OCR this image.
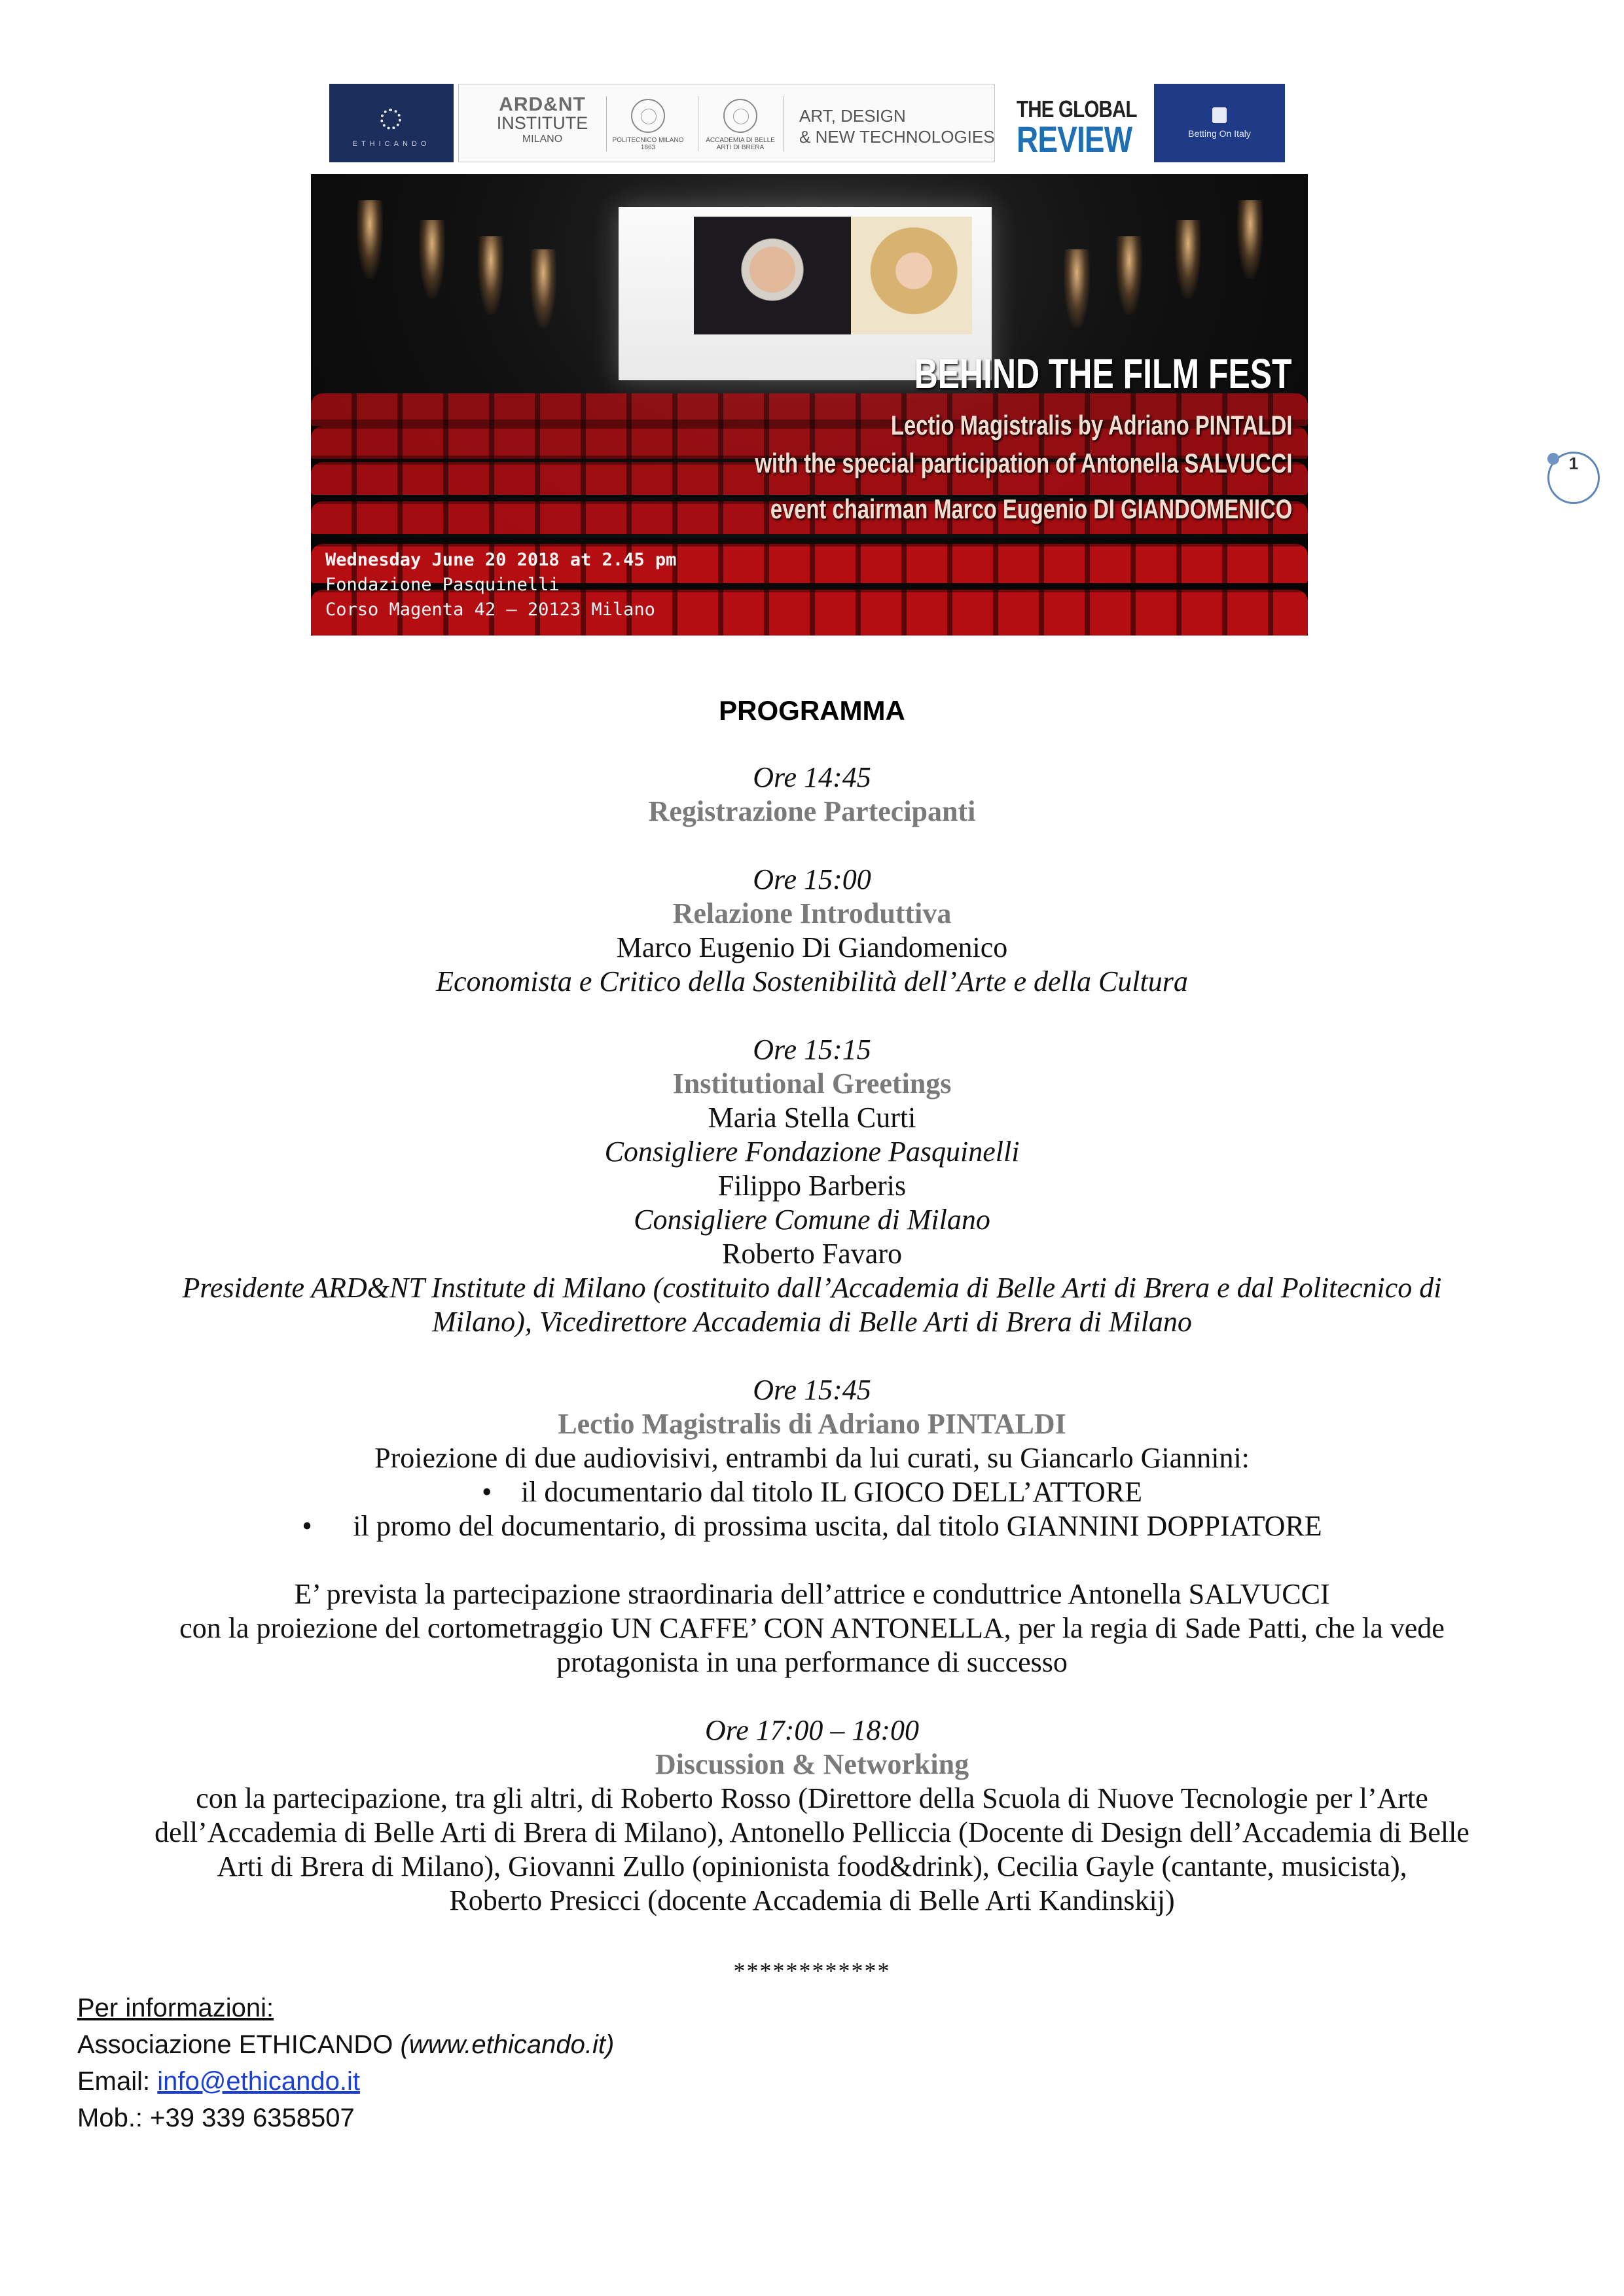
ETHICANDO
ARD&NT
INSTITUTE
MILANO	POLITECNICO MILANO 1863
ACCADEMIA DI BELLE ARTI DI BRERA
ART, DESIGN
& NEW TECHNOLOGIES
THE GLOBAL
REVIEW	Betting On Italy
BEHIND THE FILM FEST
Lectio Magistralis by Adriano PINTALDI
with the special participation of Antonella SALVUCCI
event chairman Marco Eugenio DI GIANDOMENICO
Wednesday June 20 2018 at 2.45 pm
Fondazione Pasquinelli
Corso Magenta 42 – 20123 Milano
1
PROGRAMMA
Ore 14:45
Registrazione Partecipanti
Ore 15:00
Relazione Introduttiva
Marco Eugenio Di Giandomenico
Economista e Critico della Sostenibilità dell’Arte e della Cultura
Ore 15:15
Institutional Greetings
Maria Stella Curti
Consigliere Fondazione Pasquinelli
Filippo Barberis
Consigliere Comune di Milano
Roberto Favaro
Presidente ARD&NT Institute di Milano (costituito dall’Accademia di Belle Arti di Brera e dal Politecnico di
Milano), Vicedirettore Accademia di Belle Arti di Brera di Milano
Ore 15:45
Lectio Magistralis di Adriano PINTALDI
Proiezione di due audiovisivi, entrambi da lui curati, su Giancarlo Giannini:
• il documentario dal titolo IL GIOCO DELL’ATTORE
• il promo del documentario, di prossima uscita, dal titolo GIANNINI DOPPIATORE
E’ prevista la partecipazione straordinaria dell’attrice e conduttrice Antonella SALVUCCI
con la proiezione del cortometraggio UN CAFFE’ CON ANTONELLA, per la regia di Sade Patti, che la vede
protagonista in una performance di successo
Ore 17:00 – 18:00
Discussion & Networking
con la partecipazione, tra gli altri, di Roberto Rosso (Direttore della Scuola di Nuove Tecnologie per l’Arte
dell’Accademia di Belle Arti di Brera di Milano), Antonello Pelliccia (Docente di Design dell’Accademia di Belle
Arti di Brera di Milano), Giovanni Zullo (opinionista food&drink), Cecilia Gayle (cantante, musicista),
Roberto Presicci (docente Accademia di Belle Arti Kandinskij)
************
Per informazioni:
Associazione ETHICANDO (www.ethicando.it)
Email: info@ethicando.it
Mob.: +39 339 6358507
